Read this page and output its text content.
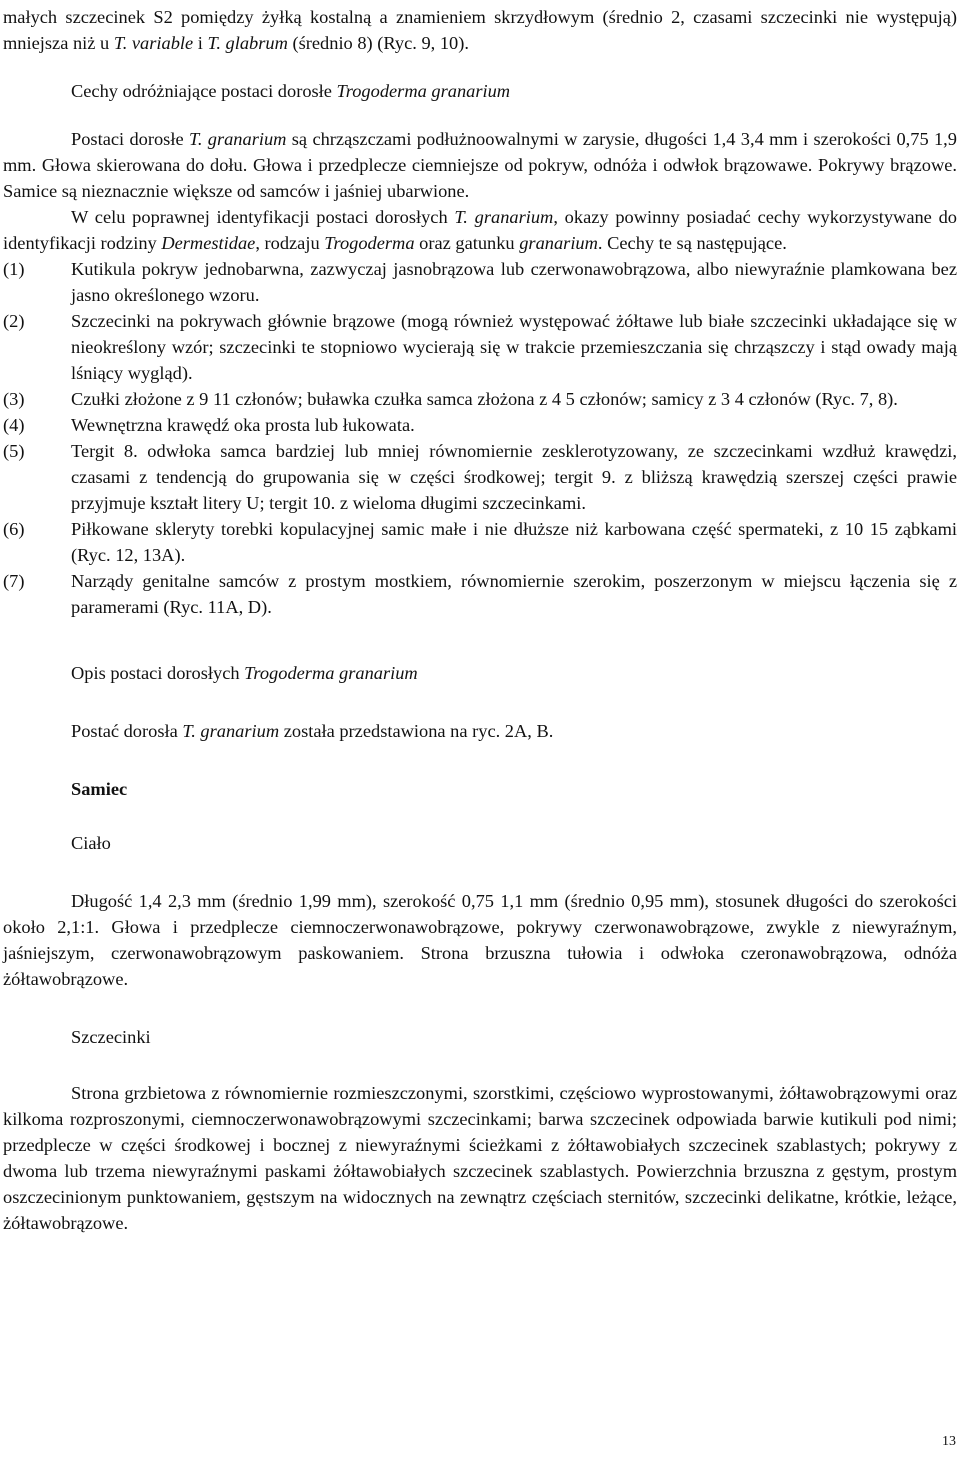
małych szczecinek S2 pomiędzy żyłką kostalną a znamieniem skrzydłowym (średnio 2, czasami szczecinki nie występują) mniejsza niż u T. variable i T. glabrum (średnio 8) (Ryc. 9, 10).

Cechy odróżniające postaci dorosłe Trogoderma granarium

Postaci dorosłe T. granarium są chrząszczami podłużnoowalnymi w zarysie, długości 1,4 3,4 mm i szerokości 0,75 1,9 mm. Głowa skierowana do dołu. Głowa i przedplecze ciemniejsze od pokryw, odnóża i odwłok brązowawe. Pokrywy brązowe. Samice są nieznacznie większe od samców i jaśniej ubarwione.

W celu poprawnej identyfikacji postaci dorosłych T. granarium, okazy powinny posiadać cechy wykorzystywane do identyfikacji rodziny Dermestidae, rodzaju Trogoderma oraz gatunku granarium. Cechy te są następujące.

(1)	Kutikula pokryw jednobarwna, zazwyczaj jasnobrązowa lub czerwonawobrązowa, albo niewyraźnie plamkowana bez jasno określonego wzoru.
(2)	Szczecinki na pokrywach głównie brązowe (mogą również występować żółtawe lub białe szczecinki układające się w nieokreślony wzór; szczecinki te stopniowo wycierają się w trakcie przemieszczania się chrząszczy i stąd owady mają lśniący wygląd).
(3)	Czułki złożone z 9 11 członów; buławka czułka samca złożona z 4 5 członów; samicy z 3 4 członów (Ryc. 7, 8).
(4)	Wewnętrzna krawędź oka prosta lub łukowata.
(5)	Tergit 8. odwłoka samca bardziej lub mniej równomiernie zesklerotyzowany, ze szczecinkami wzdłuż krawędzi, czasami z tendencją do grupowania się w części środkowej; tergit 9. z bliższą krawędzią szerszej części prawie przyjmuje kształt litery U; tergit 10. z wieloma długimi szczecinkami.
(6)	Piłkowane skleryty torebki kopulacyjnej samic małe i nie dłuższe niż karbowana część spermateki, z 10 15 ząbkami (Ryc. 12, 13A).
(7)	Narządy genitalne samców z prostym mostkiem, równomiernie szerokim, poszerzonym w miejscu łączenia się z paramerami (Ryc. 11A, D).

Opis postaci dorosłych Trogoderma granarium

Postać dorosła T. granarium została przedstawiona na ryc. 2A, B.

Samiec

Ciało

Długość 1,4 2,3 mm (średnio 1,99 mm), szerokość 0,75 1,1 mm (średnio 0,95 mm), stosunek długości do szerokości około 2,1:1. Głowa i przedplecze ciemnoczerwonawobrązowe, pokrywy czerwonawobrązowe, zwykle z niewyraźnym, jaśniejszym, czerwonawobrązowym paskowaniem. Strona brzuszna tułowia i odwłoka czeronawobrązowa, odnóża żółtawobrązowe.

Szczecinki

Strona grzbietowa z równomiernie rozmieszczonymi, szorstkimi, częściowo wyprostowanymi, żółtawobrązowymi oraz kilkoma rozproszonymi, ciemnoczerwonawobrązowymi szczecinkami; barwa szczecinek odpowiada barwie kutikuli pod nimi; przedplecze w części środkowej i bocznej z niewyraźnymi ścieżkami z żółtawobiałych szczecinek szablastych; pokrywy z dwoma lub trzema niewyraźnymi paskami żółtawobiałych szczecinek szablastych. Powierzchnia brzuszna z gęstym, prostym oszczecinionym punktowaniem, gęstszym na widocznych na zewnątrz częściach sternitów, szczecinki delikatne, krótkie, leżące, żółtawobrązowe.

13
